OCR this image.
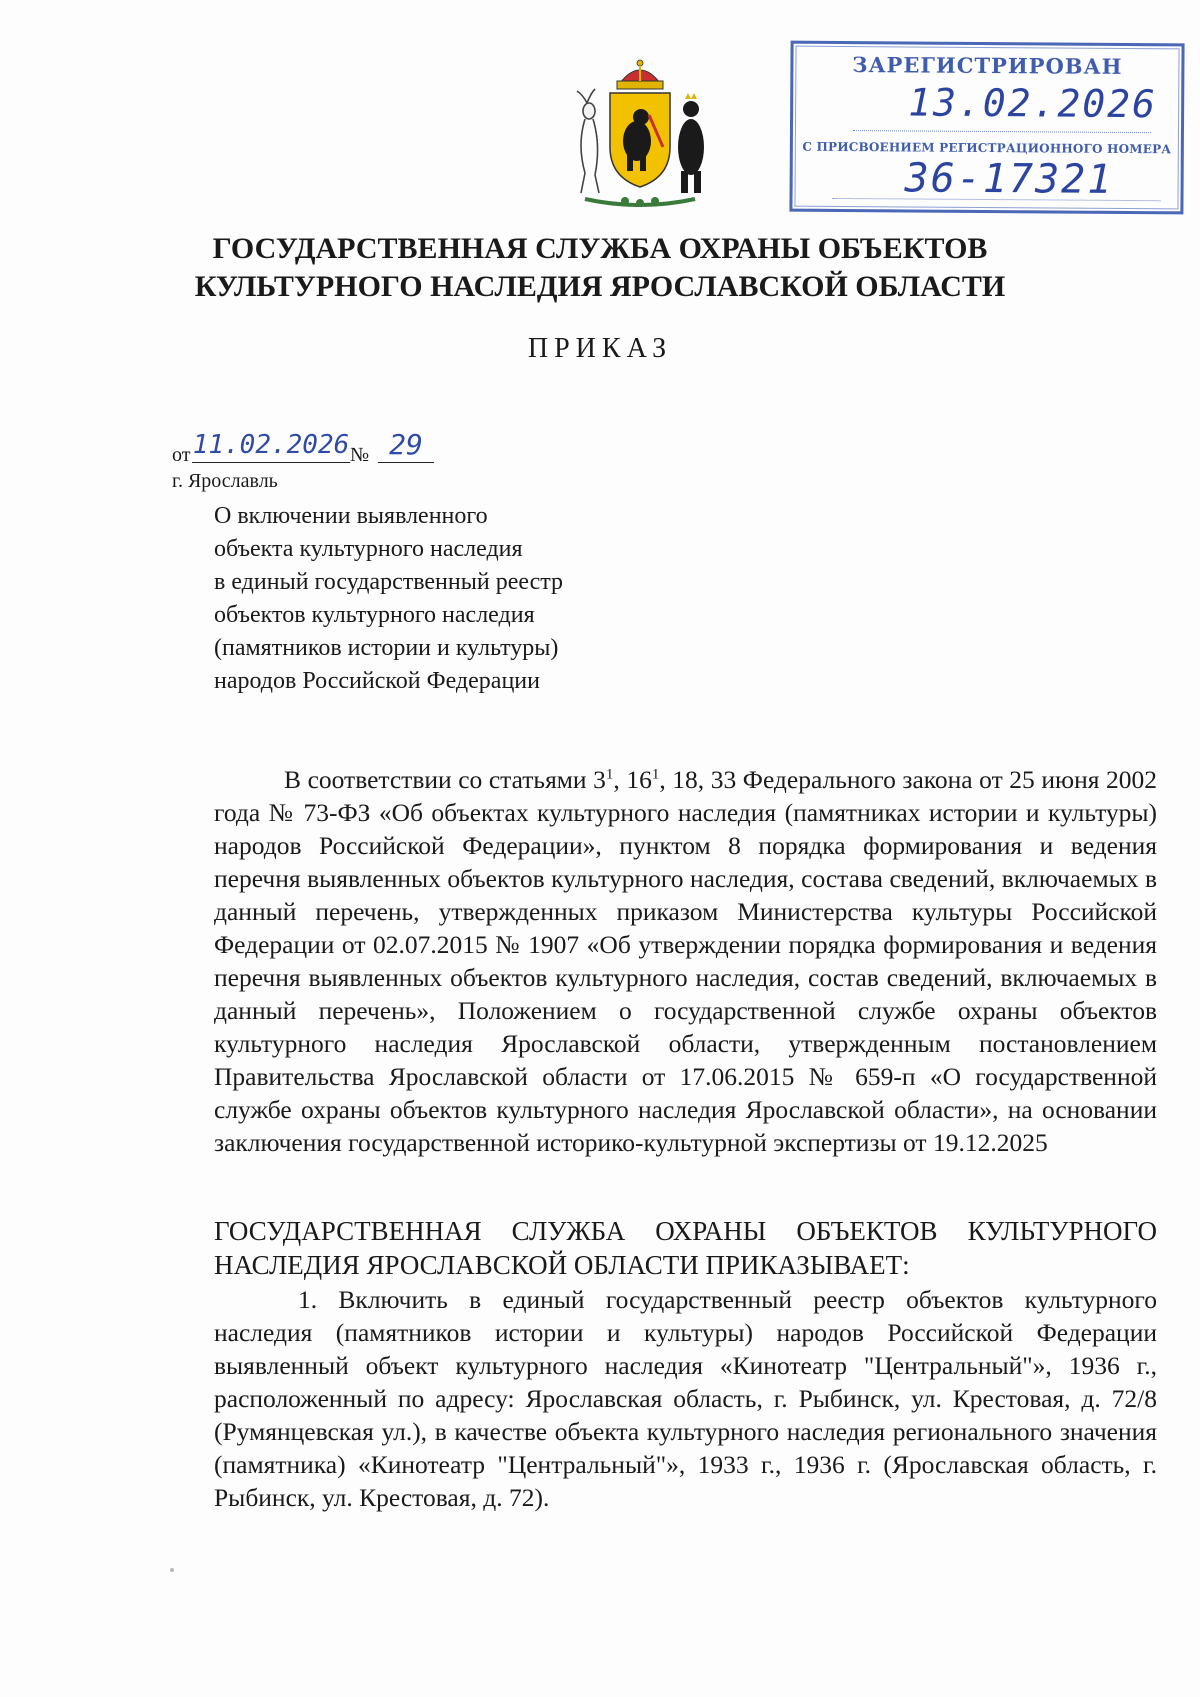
ЗАРЕГИСТРИРОВАН
13.02.2026
С ПРИСВОЕНИЕМ РЕГИСТРАЦИОННОГО НОМЕРА
36-17321
ГОСУДАРСТВЕННАЯ СЛУЖБА ОХРАНЫ ОБЪЕКТОВ
КУЛЬТУРНОГО НАСЛЕДИЯ ЯРОСЛАВСКОЙ ОБЛАСТИ
ПРИКАЗ
от 11.02.2026 № 29
г. Ярославль
О включении выявленного
объекта культурного наследия
в единый государственный реестр
объектов культурного наследия
(памятников истории и культуры)
народов Российской Федерации
В соответствии со статьями $3^1$, $16^1$, 18, 33 Федерального закона от 25 июня 2002 года № 73-ФЗ «Об объектах культурного наследия (памятниках истории и культуры) народов Российской Федерации», пунктом 8 порядка формирования и ведения перечня выявленных объектов культурного наследия, состава сведений, включаемых в данный перечень, утвержденных приказом Министерства культуры Российской Федерации от 02.07.2015 № 1907 «Об утверждении порядка формирования и ведения перечня выявленных объектов культурного наследия, состав сведений, включаемых в данный перечень», Положением о государственной службе охраны объектов культурного наследия Ярославской области, утвержденным постановлением Правительства Ярославской области от 17.06.2015 № 659-п «О государственной службе охраны объектов культурного наследия Ярославской области», на основании заключения государственной историко-культурной экспертизы от 19.12.2025
ГОСУДАРСТВЕННАЯ СЛУЖБА ОХРАНЫ ОБЪЕКТОВ КУЛЬТУРНОГО НАСЛЕДИЯ ЯРОСЛАВСКОЙ ОБЛАСТИ ПРИКАЗЫВАЕТ:
1. Включить в единый государственный реестр объектов культурного наследия (памятников истории и культуры) народов Российской Федерации выявленный объект культурного наследия «Кинотеатр "Центральный"», 1936 г., расположенный по адресу: Ярославская область, г. Рыбинск, ул. Крестовая, д. 72/8 (Румянцевская ул.), в качестве объекта культурного наследия регионального значения (памятника) «Кинотеатр "Центральный"», 1933 г., 1936 г. (Ярославская область, г. Рыбинск, ул. Крестовая, д. 72).
